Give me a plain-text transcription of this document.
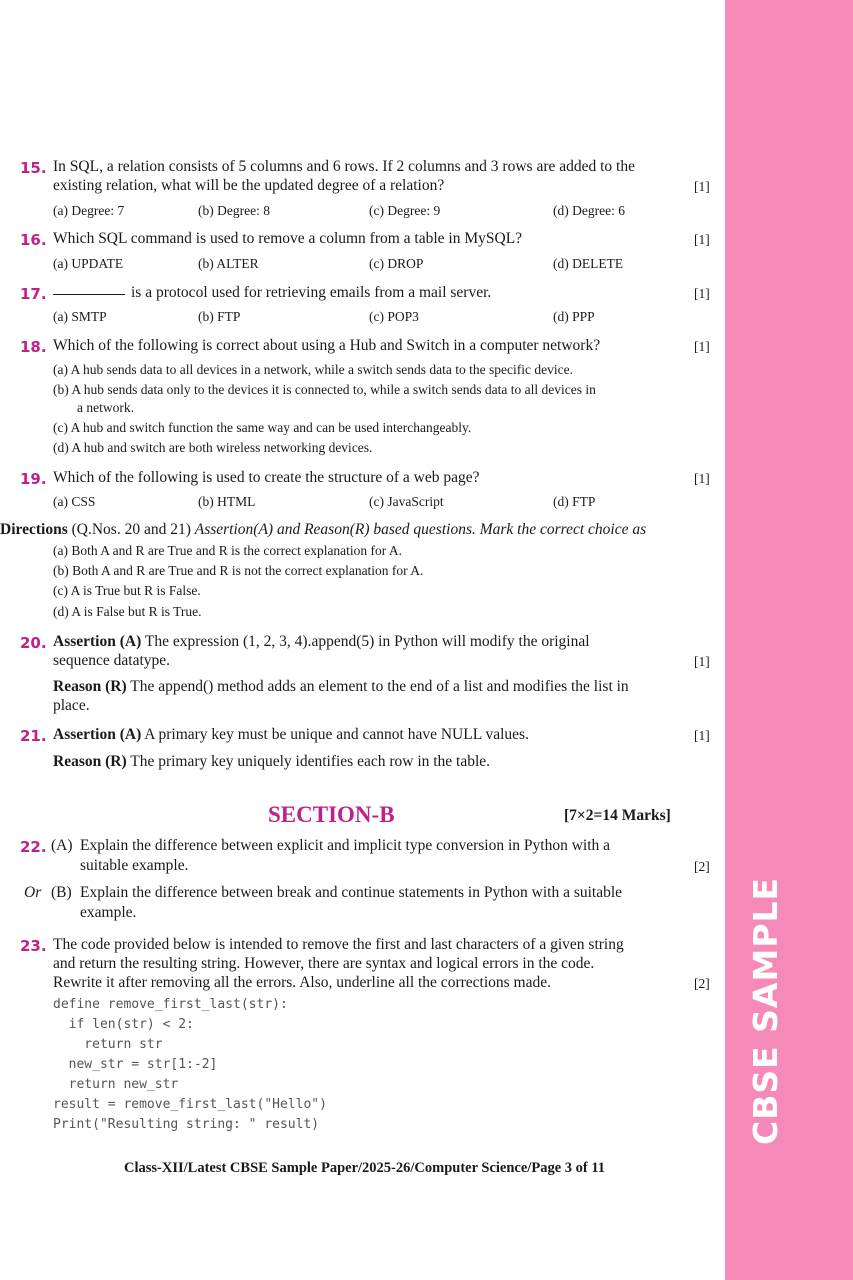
CBSE SAMPLE
15. In SQL, a relation consists of 5 columns and 6 rows. If 2 columns and 3 rows are added to the
existing relation, what will be the updated degree of a relation?	[1]
(a) Degree: 7	(b) Degree: 8	(c) Degree: 9	(d) Degree: 6
16. Which SQL command is used to remove a column from a table in MySQL?	[1]
(a) UPDATE	(b) ALTER	(c) DROP	(d) DELETE
17.	is a protocol used for retrieving emails from a mail server.	[1]
(a) SMTP	(b) FTP	(c) POP3	(d) PPP
18. Which of the following is correct about using a Hub and Switch in a computer network?	[1]
(a) A hub sends data to all devices in a network, while a switch sends data to the specific device.
(b) A hub sends data only to the devices it is connected to, while a switch sends data to all devices in
a network.
(c) A hub and switch function the same way and can be used interchangeably.
(d) A hub and switch are both wireless networking devices.
19. Which of the following is used to create the structure of a web page?	[1]
(a) CSS	(b) HTML	(c) JavaScript	(d) FTP
Directions (Q.Nos. 20 and 21) Assertion(A) and Reason(R) based questions. Mark the correct choice as
(a) Both A and R are True and R is the correct explanation for A.
(b) Both A and R are True and R is not the correct explanation for A.
(c) A is True but R is False.
(d) A is False but R is True.
20. Assertion (A) The expression (1, 2, 3, 4).append(5) in Python will modify the original
sequence datatype.	[1]
Reason (R) The append() method adds an element to the end of a list and modifies the list in
place.
21. Assertion (A) A primary key must be unique and cannot have NULL values.	[1]
Reason (R) The primary key uniquely identifies each row in the table.
SECTION-B	[7×2=14 Marks]
22. (A) Explain the difference between explicit and implicit type conversion in Python with a
suitable example.	[2]
Or (B) Explain the difference between break and continue statements in Python with a suitable
example.
23. The code provided below is intended to remove the first and last characters of a given string
and return the resulting string. However, there are syntax and logical errors in the code.
Rewrite it after removing all the errors. Also, underline all the corrections made.	[2]
define remove_first_last(str):
if len(str) < 2:
return str
new_str = str[1:-2]
return new_str
result = remove_first_last("Hello")
Print("Resulting string: " result)
Class-XII/Latest CBSE Sample Paper/2025-26/Computer Science/Page 3 of 11
